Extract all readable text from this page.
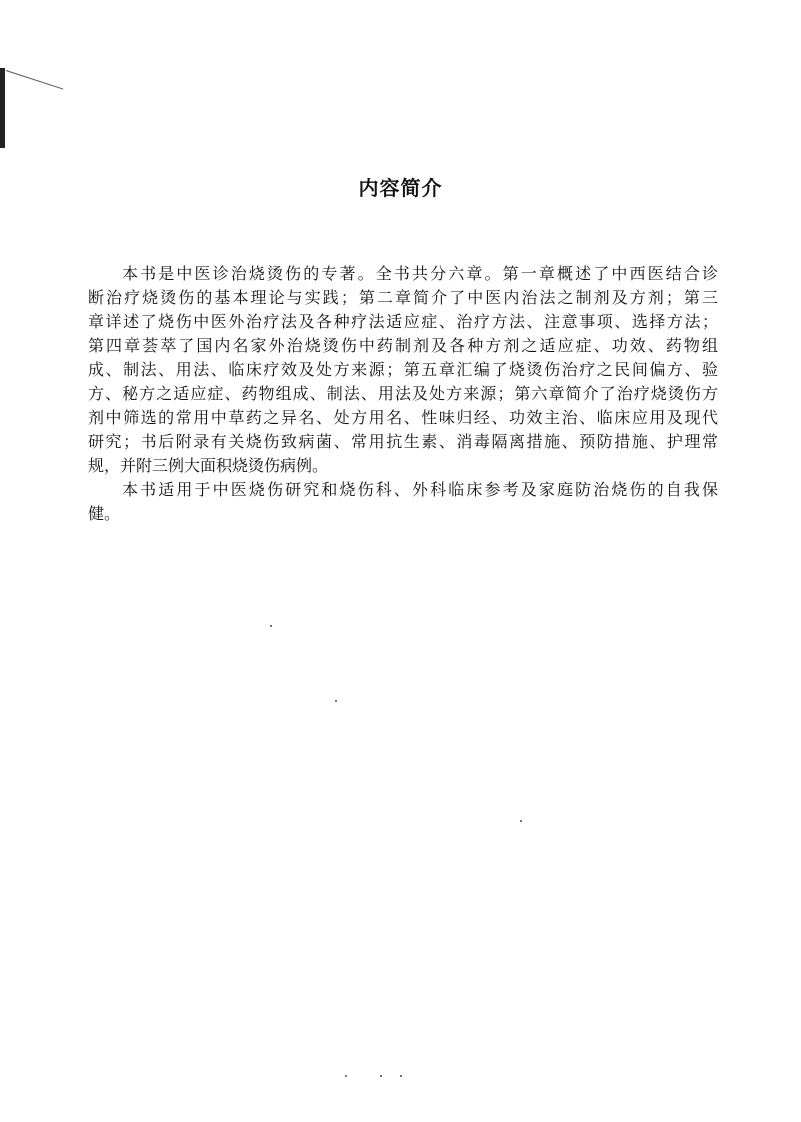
内容简介
本书是中医诊治烧烫伤的专著。全书共分六章。第一章概述了中西医结合诊
断治疗烧烫伤的基本理论与实践；第二章简介了中医内治法之制剂及方剂；第三
章详述了烧伤中医外治疗法及各种疗法适应症、治疗方法、注意事项、选择方法；
第四章荟萃了国内名家外治烧烫伤中药制剂及各种方剂之适应症、功效、药物组
成、制法、用法、临床疗效及处方来源；第五章汇编了烧烫伤治疗之民间偏方、验
方、秘方之适应症、药物组成、制法、用法及处方来源；第六章简介了治疗烧烫伤方
剂中筛选的常用中草药之异名、处方用名、性味归经、功效主治、临床应用及现代
研究；书后附录有关烧伤致病菌、常用抗生素、消毒隔离措施、预防措施、护理常
规，并附三例大面积烧烫伤病例。
本书适用于中医烧伤研究和烧伤科、外科临床参考及家庭防治烧伤的自我保
健。
